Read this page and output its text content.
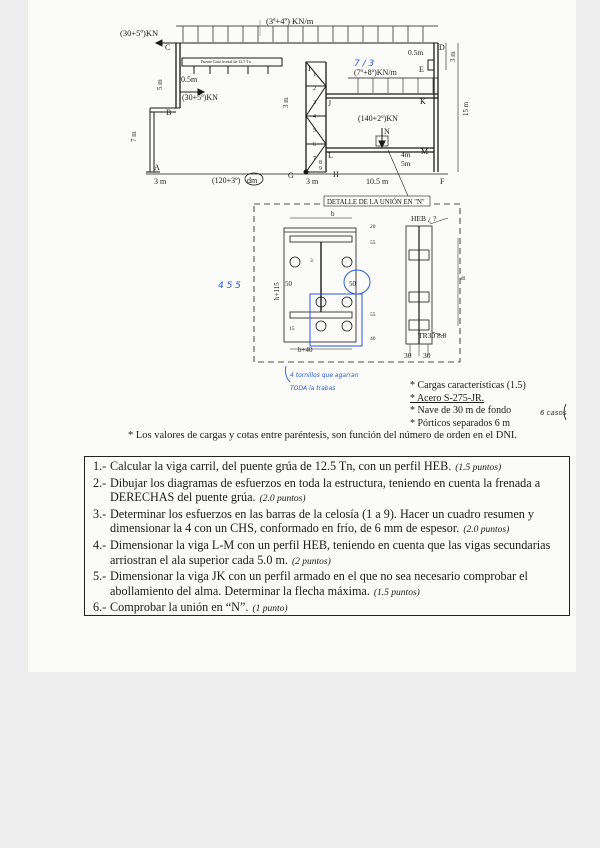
(3ª+4º) KN/m
(30+5º)KN
Puente Grúa frontal de 12.5 Tn
0.5m
(30+5º)KN
5 m
7 m
3 m	(120+3º) dm	3 m	10.5 m
0.5m	3 m
15 m
(7º+8º)KN/m
(140+2º)KN
4m
5m
3 m
A
B
C	D
E
F
G	H
I
J	K
L	M
N
1
2
3
4
5
6
7
8
9
7 / 3
DETALLE DE LA UNIÓN EN "N"
b
20
55
50	50
55
40
h+115
b+40
3
15
HEB ¿ ?
h
TR30 8.8
30 30
4 5 5
4 tornillos que agarran
TODA la trabas	* Cargas características (1.5)
* Acero S-275-JR.
* Nave de 30 m de fondo
* Pórticos separados 6 m
6 casos
* Los valores de cargas y cotas entre paréntesis, son función del número de orden en el DNI.
1.- Calcular la viga carril, del puente grúa de 12.5 Tn, con un perfil HEB. (1.5 puntos)
2.- Dibujar los diagramas de esfuerzos en toda la estructura, teniendo en cuenta la frenada a DERECHAS del puente grúa. (2.0 puntos)
3.- Determinar los esfuerzos en las barras de la celosía (1 a 9). Hacer un cuadro resumen y dimensionar la 4 con un CHS, conformado en frío, de 6 mm de espesor. (2.0 puntos)
4.- Dimensionar la viga L-M con un perfil HEB, teniendo en cuenta que las vigas secundarias arriostran el ala superior cada 5.0 m. (2 puntos)
5.- Dimensionar la viga JK con un perfil armado en el que no sea necesario comprobar el abollamiento del alma. Determinar la flecha máxima. (1.5 puntos)
6.- Comprobar la unión en “N”. (1 punto)
